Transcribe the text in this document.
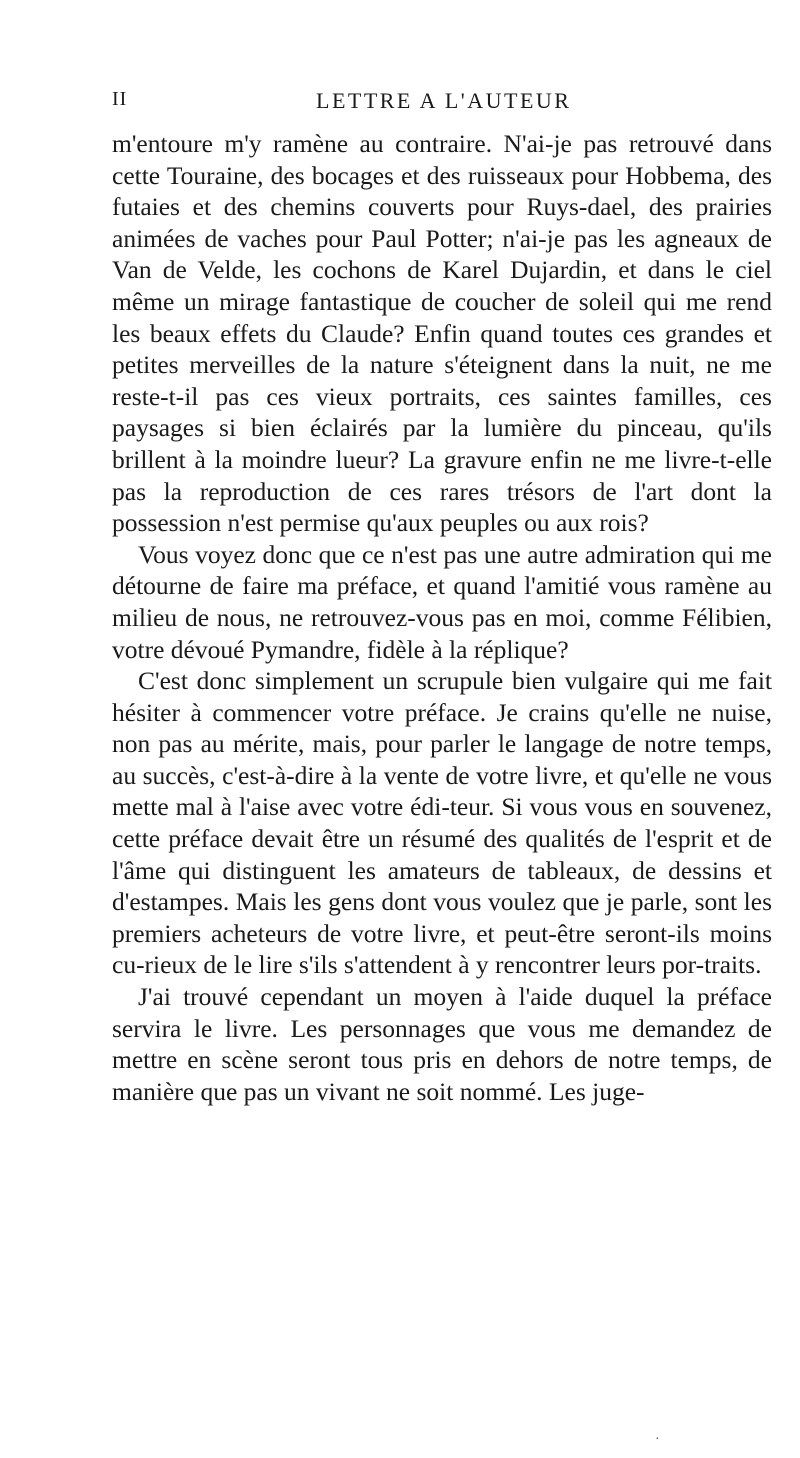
II	LETTRE A L'AUTEUR

m'entoure m'y ramène au contraire. N'ai-je pas retrouvé dans cette Touraine, des bocages et des ruisseaux pour Hobbema, des futaies et des chemins couverts pour Ruys-dael, des prairies animées de vaches pour Paul Potter; n'ai-je pas les agneaux de Van de Velde, les cochons de Karel Dujardin, et dans le ciel même un mirage fantastique de coucher de soleil qui me rend les beaux effets du Claude? Enfin quand toutes ces grandes et petites merveilles de la nature s'éteignent dans la nuit, ne me reste-t-il pas ces vieux portraits, ces saintes familles, ces paysages si bien éclairés par la lumière du pinceau, qu'ils brillent à la moindre lueur? La gravure enfin ne me livre-t-elle pas la reproduction de ces rares trésors de l'art dont la possession n'est permise qu'aux peuples ou aux rois?

Vous voyez donc que ce n'est pas une autre admiration qui me détourne de faire ma préface, et quand l'amitié vous ramène au milieu de nous, ne retrouvez-vous pas en moi, comme Félibien, votre dévoué Pymandre, fidèle à la réplique?

C'est donc simplement un scrupule bien vulgaire qui me fait hésiter à commencer votre préface. Je crains qu'elle ne nuise, non pas au mérite, mais, pour parler le langage de notre temps, au succès, c'est-à-dire à la vente de votre livre, et qu'elle ne vous mette mal à l'aise avec votre édi-teur. Si vous vous en souvenez, cette préface devait être un résumé des qualités de l'esprit et de l'âme qui distinguent les amateurs de tableaux, de dessins et d'estampes. Mais les gens dont vous voulez que je parle, sont les premiers acheteurs de votre livre, et peut-être seront-ils moins cu-rieux de le lire s'ils s'attendent à y rencontrer leurs por-traits.

J'ai trouvé cependant un moyen à l'aide duquel la préface servira le livre. Les personnages que vous me demandez de mettre en scène seront tous pris en dehors de notre temps, de manière que pas un vivant ne soit nommé. Les juge-

·
